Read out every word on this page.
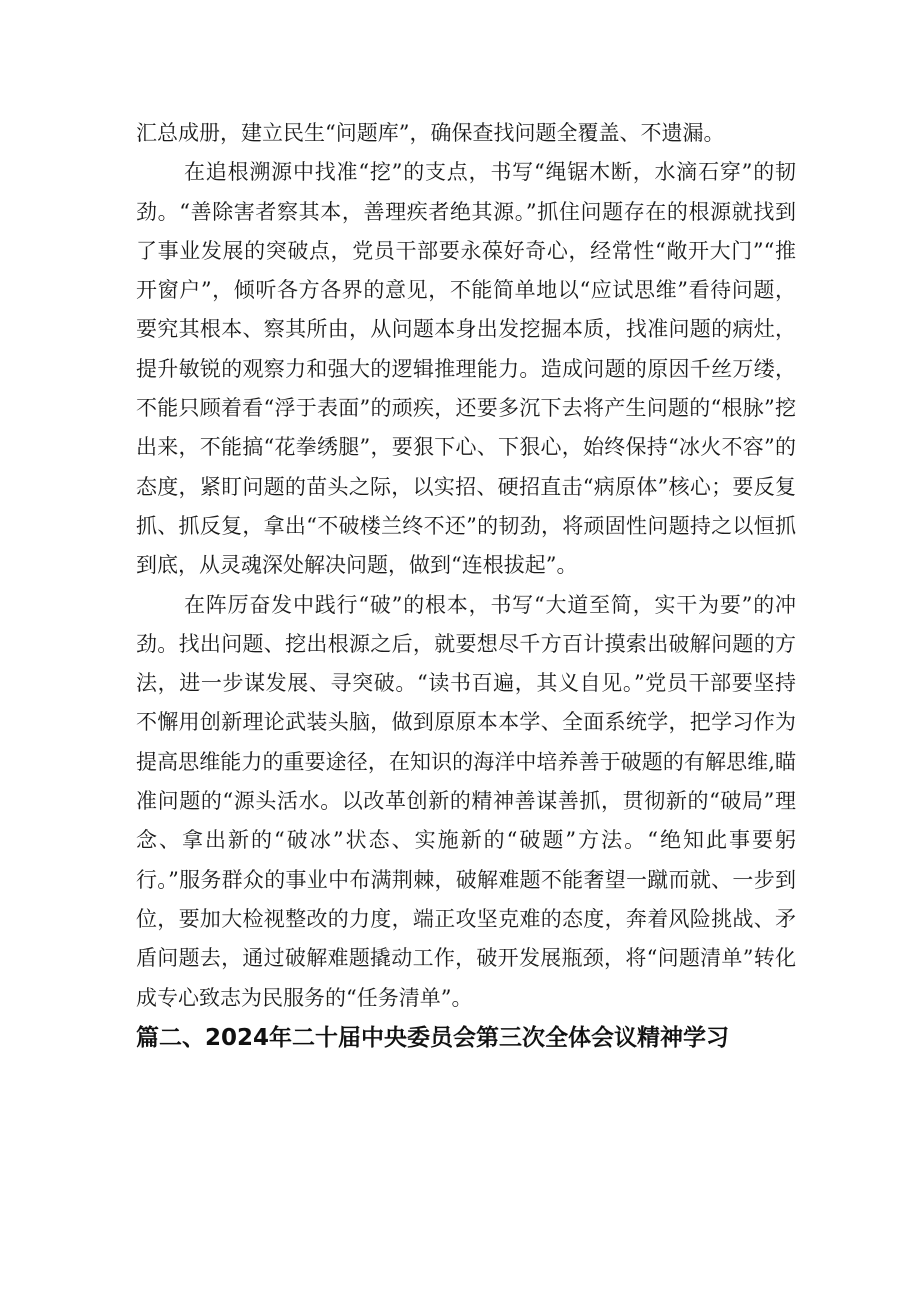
汇总成册，建立民生“问题库”，确保查找问题全覆盖、不遗漏。

在追根溯源中找准“挖”的支点，书写“绳锯木断，水滴石穿”的韧劲。“善除害者察其本，善理疾者绝其源。”抓住问题存在的根源就找到了事业发展的突破点，党员干部要永葆好奇心，经常性“敞开大门”“推开窗户”，倾听各方各界的意见，不能简单地以“应试思维”看待问题，要究其根本、察其所由，从问题本身出发挖掘本质，找准问题的病灶，提升敏锐的观察力和强大的逻辑推理能力。造成问题的原因千丝万缕，不能只顾着看“浮于表面”的顽疾，还要多沉下去将产生问题的“根脉”挖出来，不能搞“花拳绣腿”，要狠下心、下狠心，始终保持“冰火不容”的态度，紧盯问题的苗头之际，以实招、硬招直击“病原体”核心；要反复抓、抓反复，拿出“不破楼兰终不还”的韧劲，将顽固性问题持之以恒抓到底，从灵魂深处解决问题，做到“连根拔起”。

在阵厉奋发中践行“破”的根本，书写“大道至简，实干为要”的冲劲。找出问题、挖出根源之后，就要想尽千方百计摸索出破解问题的方法，进一步谋发展、寻突破。“读书百遍，其义自见。”党员干部要坚持不懈用创新理论武装头脑，做到原原本本学、全面系统学，把学习作为提高思维能力的重要途径，在知识的海洋中培养善于破题的有解思维,瞄准问题的“源头活水。以改革创新的精神善谋善抓，贯彻新的“破局”理念、拿出新的“破冰”状态、实施新的“破题”方法。“绝知此事要躬行。”服务群众的事业中布满荆棘，破解难题不能奢望一蹴而就、一步到位，要加大检视整改的力度，端正攻坚克难的态度，奔着风险挑战、矛盾问题去，通过破解难题撬动工作，破开发展瓶颈，将“问题清单”转化成专心致志为民服务的“任务清单”。

篇二、2024年二十届中央委员会第三次全体会议精神学习
